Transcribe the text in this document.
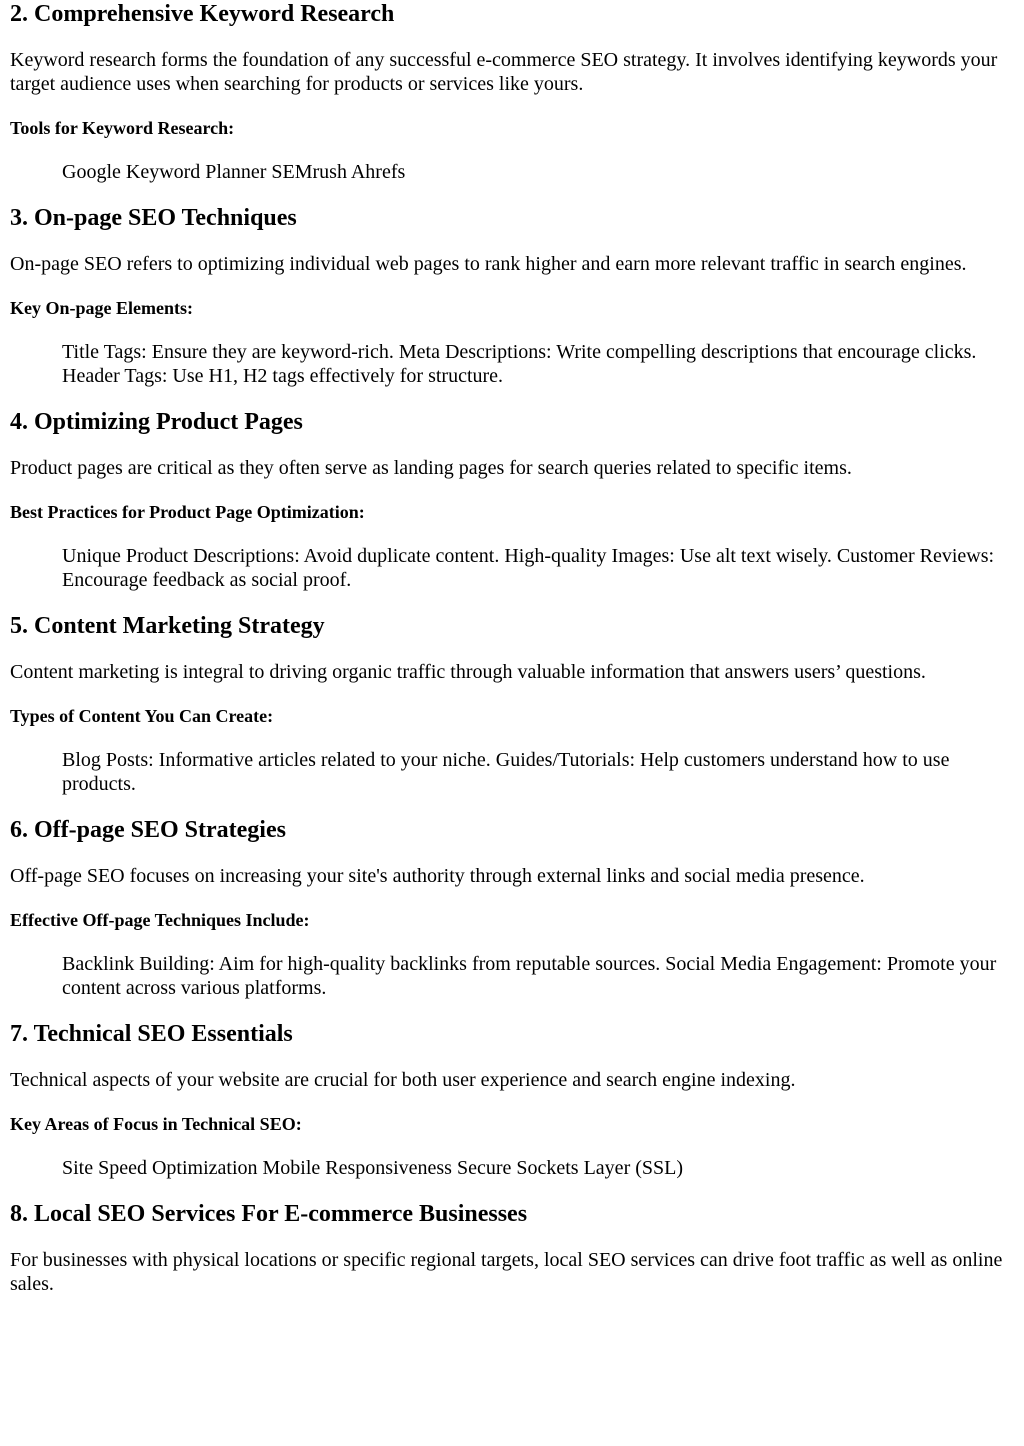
2. Comprehensive Keyword Research

Keyword research forms the foundation of any successful e-commerce SEO strategy. It involves identifying keywords your target audience uses when searching for products or services like yours.

Tools for Keyword Research:
Google Keyword Planner SEMrush Ahrefs
3. On-page SEO Techniques

On-page SEO refers to optimizing individual web pages to rank higher and earn more relevant traffic in search engines.

Key On-page Elements:
Title Tags: Ensure they are keyword-rich. Meta Descriptions: Write compelling descriptions that encourage clicks. Header Tags: Use H1, H2 tags effectively for structure.
4. Optimizing Product Pages

Product pages are critical as they often serve as landing pages for search queries related to specific items.

Best Practices for Product Page Optimization:
Unique Product Descriptions: Avoid duplicate content. High-quality Images: Use alt text wisely. Customer Reviews: Encourage feedback as social proof.
5. Content Marketing Strategy

Content marketing is integral to driving organic traffic through valuable information that answers users’ questions.

Types of Content You Can Create:
Blog Posts: Informative articles related to your niche. Guides/Tutorials: Help customers understand how to use products.
6. Off-page SEO Strategies

Off-page SEO focuses on increasing your site's authority through external links and social media presence.

Effective Off-page Techniques Include:
Backlink Building: Aim for high-quality backlinks from reputable sources. Social Media Engagement: Promote your content across various platforms.
7. Technical SEO Essentials

Technical aspects of your website are crucial for both user experience and search engine indexing.

Key Areas of Focus in Technical SEO:
Site Speed Optimization Mobile Responsiveness Secure Sockets Layer (SSL)
8. Local SEO Services For E-commerce Businesses

For businesses with physical locations or specific regional targets, local SEO services can drive foot traffic as well as online sales.
